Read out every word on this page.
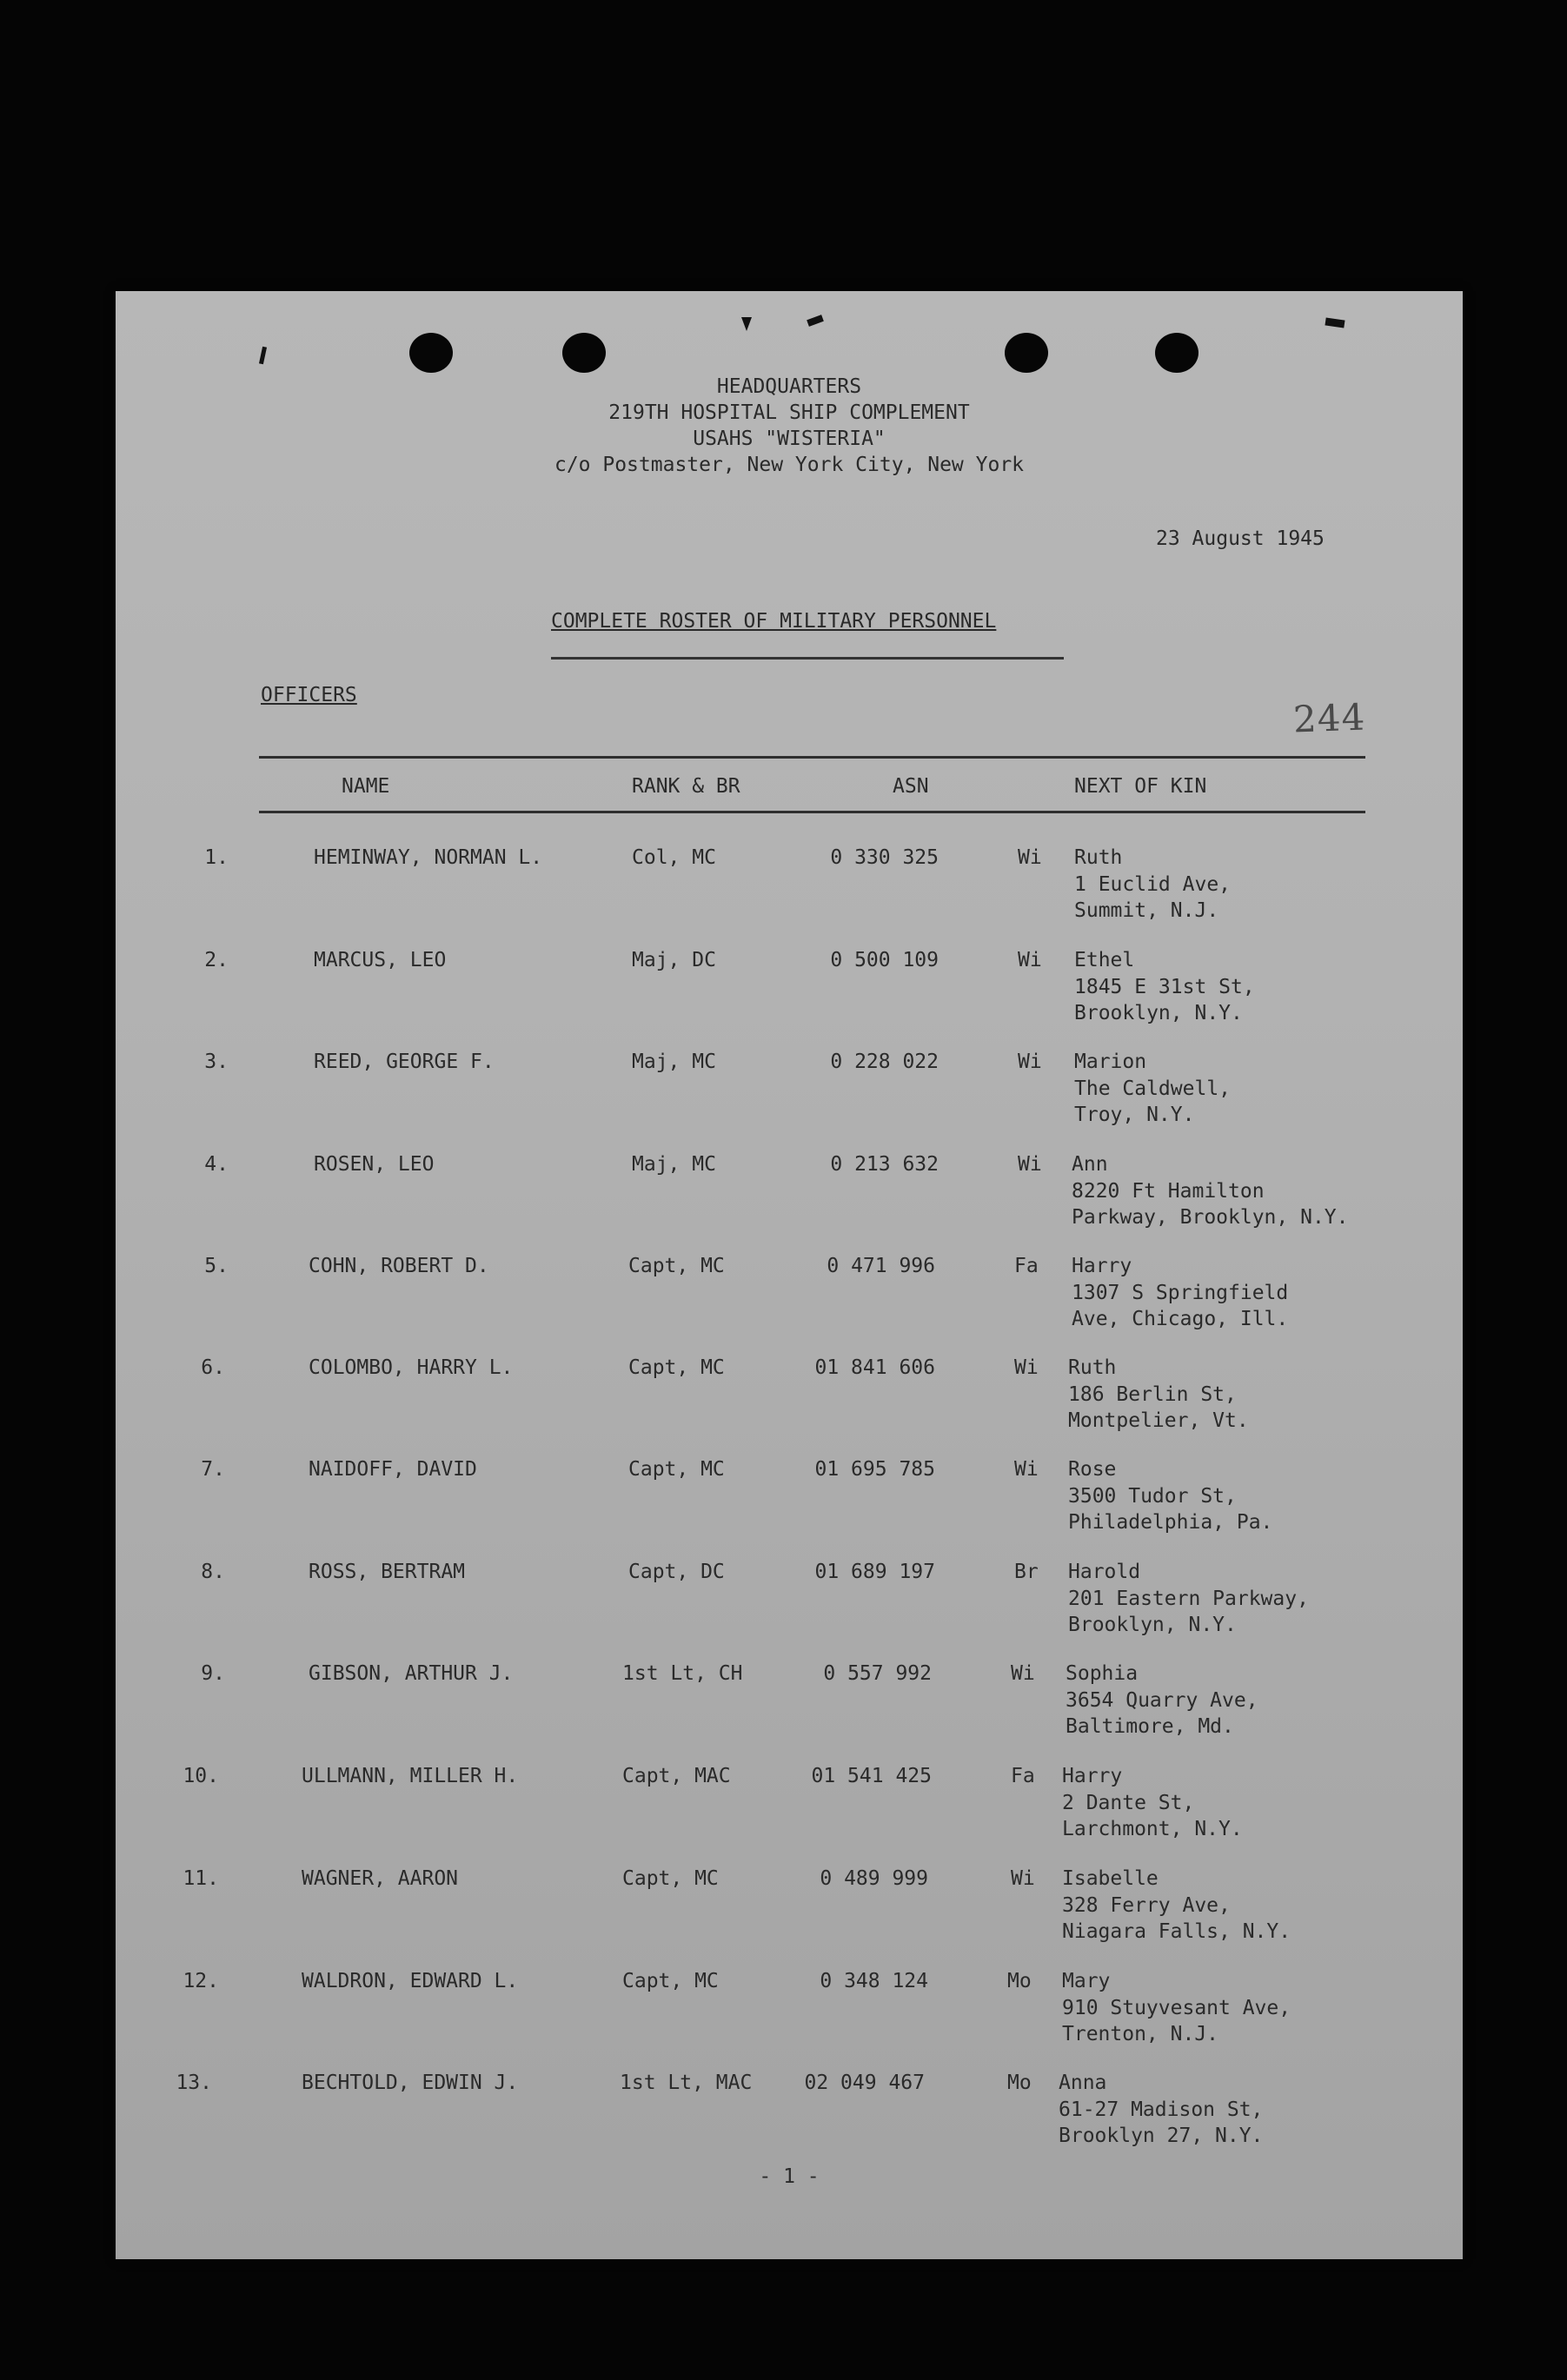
HEADQUARTERS
219TH HOSPITAL SHIP COMPLEMENT
USAHS "WISTERIA"
c/o Postmaster, New York City, New York
23 August 1945
COMPLETE ROSTER OF MILITARY PERSONNEL
OFFICERS
244
NAME	RANK & BR	ASN	NEXT OF KIN
1.	HEMINWAY, NORMAN L.	Col, MC	0 330 325	Wi Ruth
1 Euclid Ave,
Summit, N.J.
2.	MARCUS, LEO	Maj, DC	0 500 109	Wi Ethel
1845 E 31st St,
Brooklyn, N.Y.
3.	REED, GEORGE F.	Maj, MC	0 228 022	Wi Marion
The Caldwell,
Troy, N.Y.
4.	ROSEN, LEO	Maj, MC	0 213 632	Wi Ann
8220 Ft Hamilton
Parkway, Brooklyn, N.Y.
5.	COHN, ROBERT D.	Capt, MC	0 471 996	Fa Harry
1307 S Springfield
Ave, Chicago, Ill.
6.	COLOMBO, HARRY L.	Capt, MC	01 841 606	Wi Ruth
186 Berlin St,
Montpelier, Vt.
7.	NAIDOFF, DAVID	Capt, MC	01 695 785	Wi Rose
3500 Tudor St,
Philadelphia, Pa.
8.	ROSS, BERTRAM	Capt, DC	01 689 197	Br Harold
201 Eastern Parkway,
Brooklyn, N.Y.
9.	GIBSON, ARTHUR J.	1st Lt, CH	0 557 992	Wi Sophia
3654 Quarry Ave,
Baltimore, Md.
10.	ULLMANN, MILLER H.	Capt, MAC	01 541 425	Fa Harry
2 Dante St,
Larchmont, N.Y.
11.	WAGNER, AARON	Capt, MC	0 489 999	Wi Isabelle
328 Ferry Ave,
Niagara Falls, N.Y.
12.	WALDRON, EDWARD L.	Capt, MC	0 348 124	Mo Mary
910 Stuyvesant Ave,
Trenton, N.J.
13.	BECHTOLD, EDWIN J.	1st Lt, MAC	02 049 467	Mo Anna
61-27 Madison St,
Brooklyn 27, N.Y.
- 1 -
